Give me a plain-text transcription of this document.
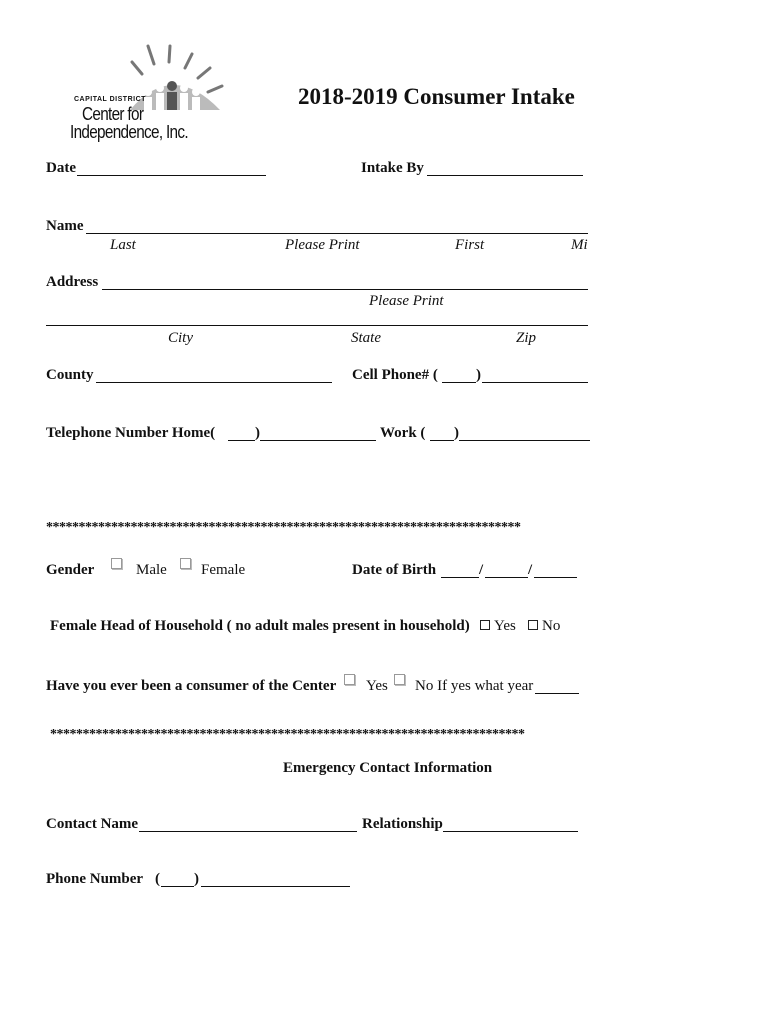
CAPITAL DISTRICT
Center for
Independence, Inc.
2018-2019 Consumer Intake
Date	Intake By
Name
Last	Please Print	First	Mi
Address
Please Print
City	State	Zip
County	Cell Phone# (	)
Telephone Number Home(	)	Work ( )
*************************************************************************
Gender	Male Female	Date of Birth	/	/
Female Head of Household ( no adult males present in household)	Yes	No
Have you ever been a consumer of the Center Yes No If yes what year
*************************************************************************
Emergency Contact Information
Contact Name	Relationship
Phone Number ( )
